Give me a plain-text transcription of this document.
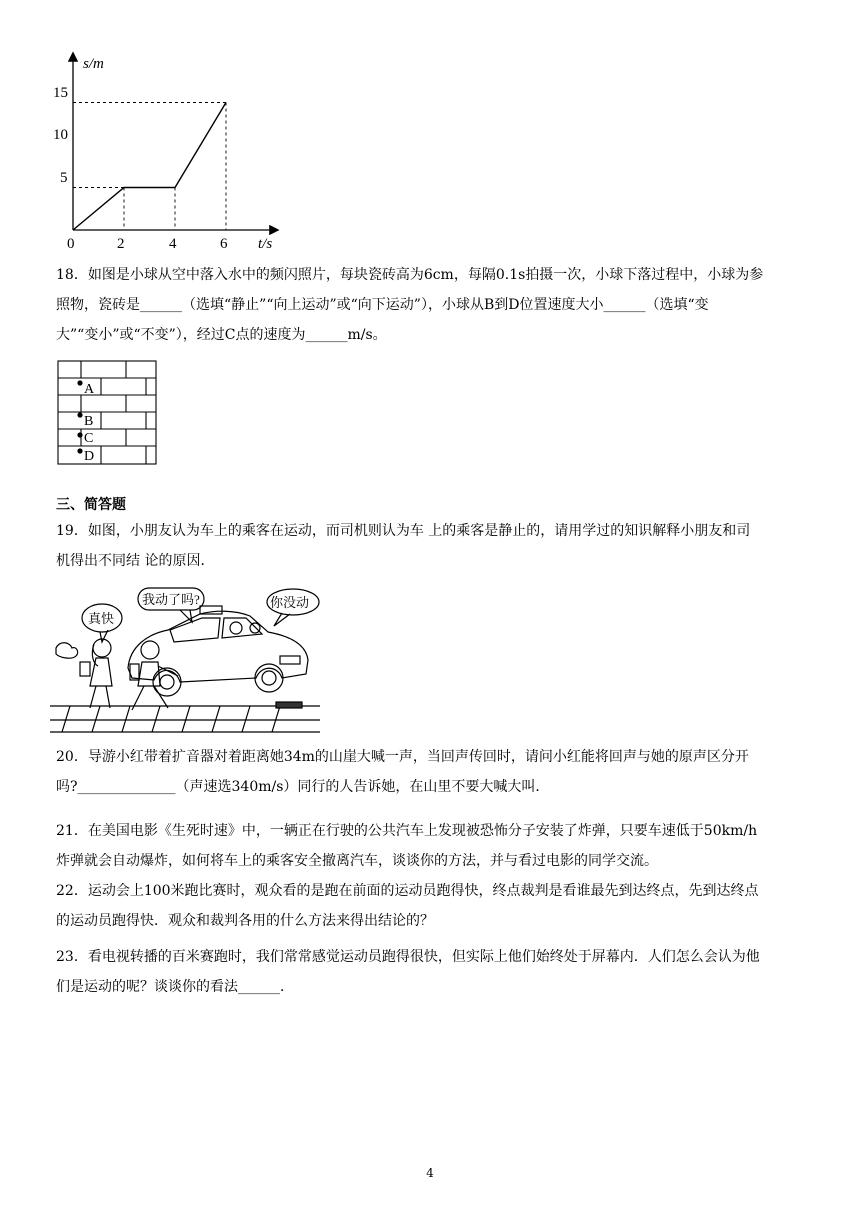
s/m
t/s
15
10
5
0	2	4	6
18．如图是小球从空中落入水中的频闪照片，每块瓷砖高为6cm，每隔0.1s拍摄一次，小球下落过程中，小球为参
照物，瓷砖是______（选填“静止”“向上运动”或“向下运动”），小球从B到D位置速度大小______（选填“变
大”“变小”或“不变”），经过C点的速度为______m/s。
A
B
C
D
三、简答题
19．如图，小朋友认为车上的乘客在运动，而司机则认为车 上的乘客是静止的，请用学过的知识解释小朋友和司
机得出不同结 论的原因．
真快
我动了吗?	你没动
20．导游小红带着扩音器对着距离她34m的山崖大喊一声，当回声传回时，请问小红能将回声与她的原声区分开
吗?______________（声速选340m/s）同行的人告诉她，在山里不要大喊大叫．
21．在美国电影《生死时速》中，一辆正在行驶的公共汽车上发现被恐怖分子安装了炸弹，只要车速低于50km/h
炸弹就会自动爆炸，如何将车上的乘客安全撤离汽车，谈谈你的方法，并与看过电影的同学交流。
22．运动会上100米跑比赛时，观众看的是跑在前面的运动员跑得快，终点裁判是看谁最先到达终点，先到达终点
的运动员跑得快．观众和裁判各用的什么方法来得出结论的？
23．看电视转播的百米赛跑时，我们常常感觉运动员跑得很快，但实际上他们始终处于屏幕内．人们怎么会认为他
们是运动的呢？谈谈你的看法______．
4
